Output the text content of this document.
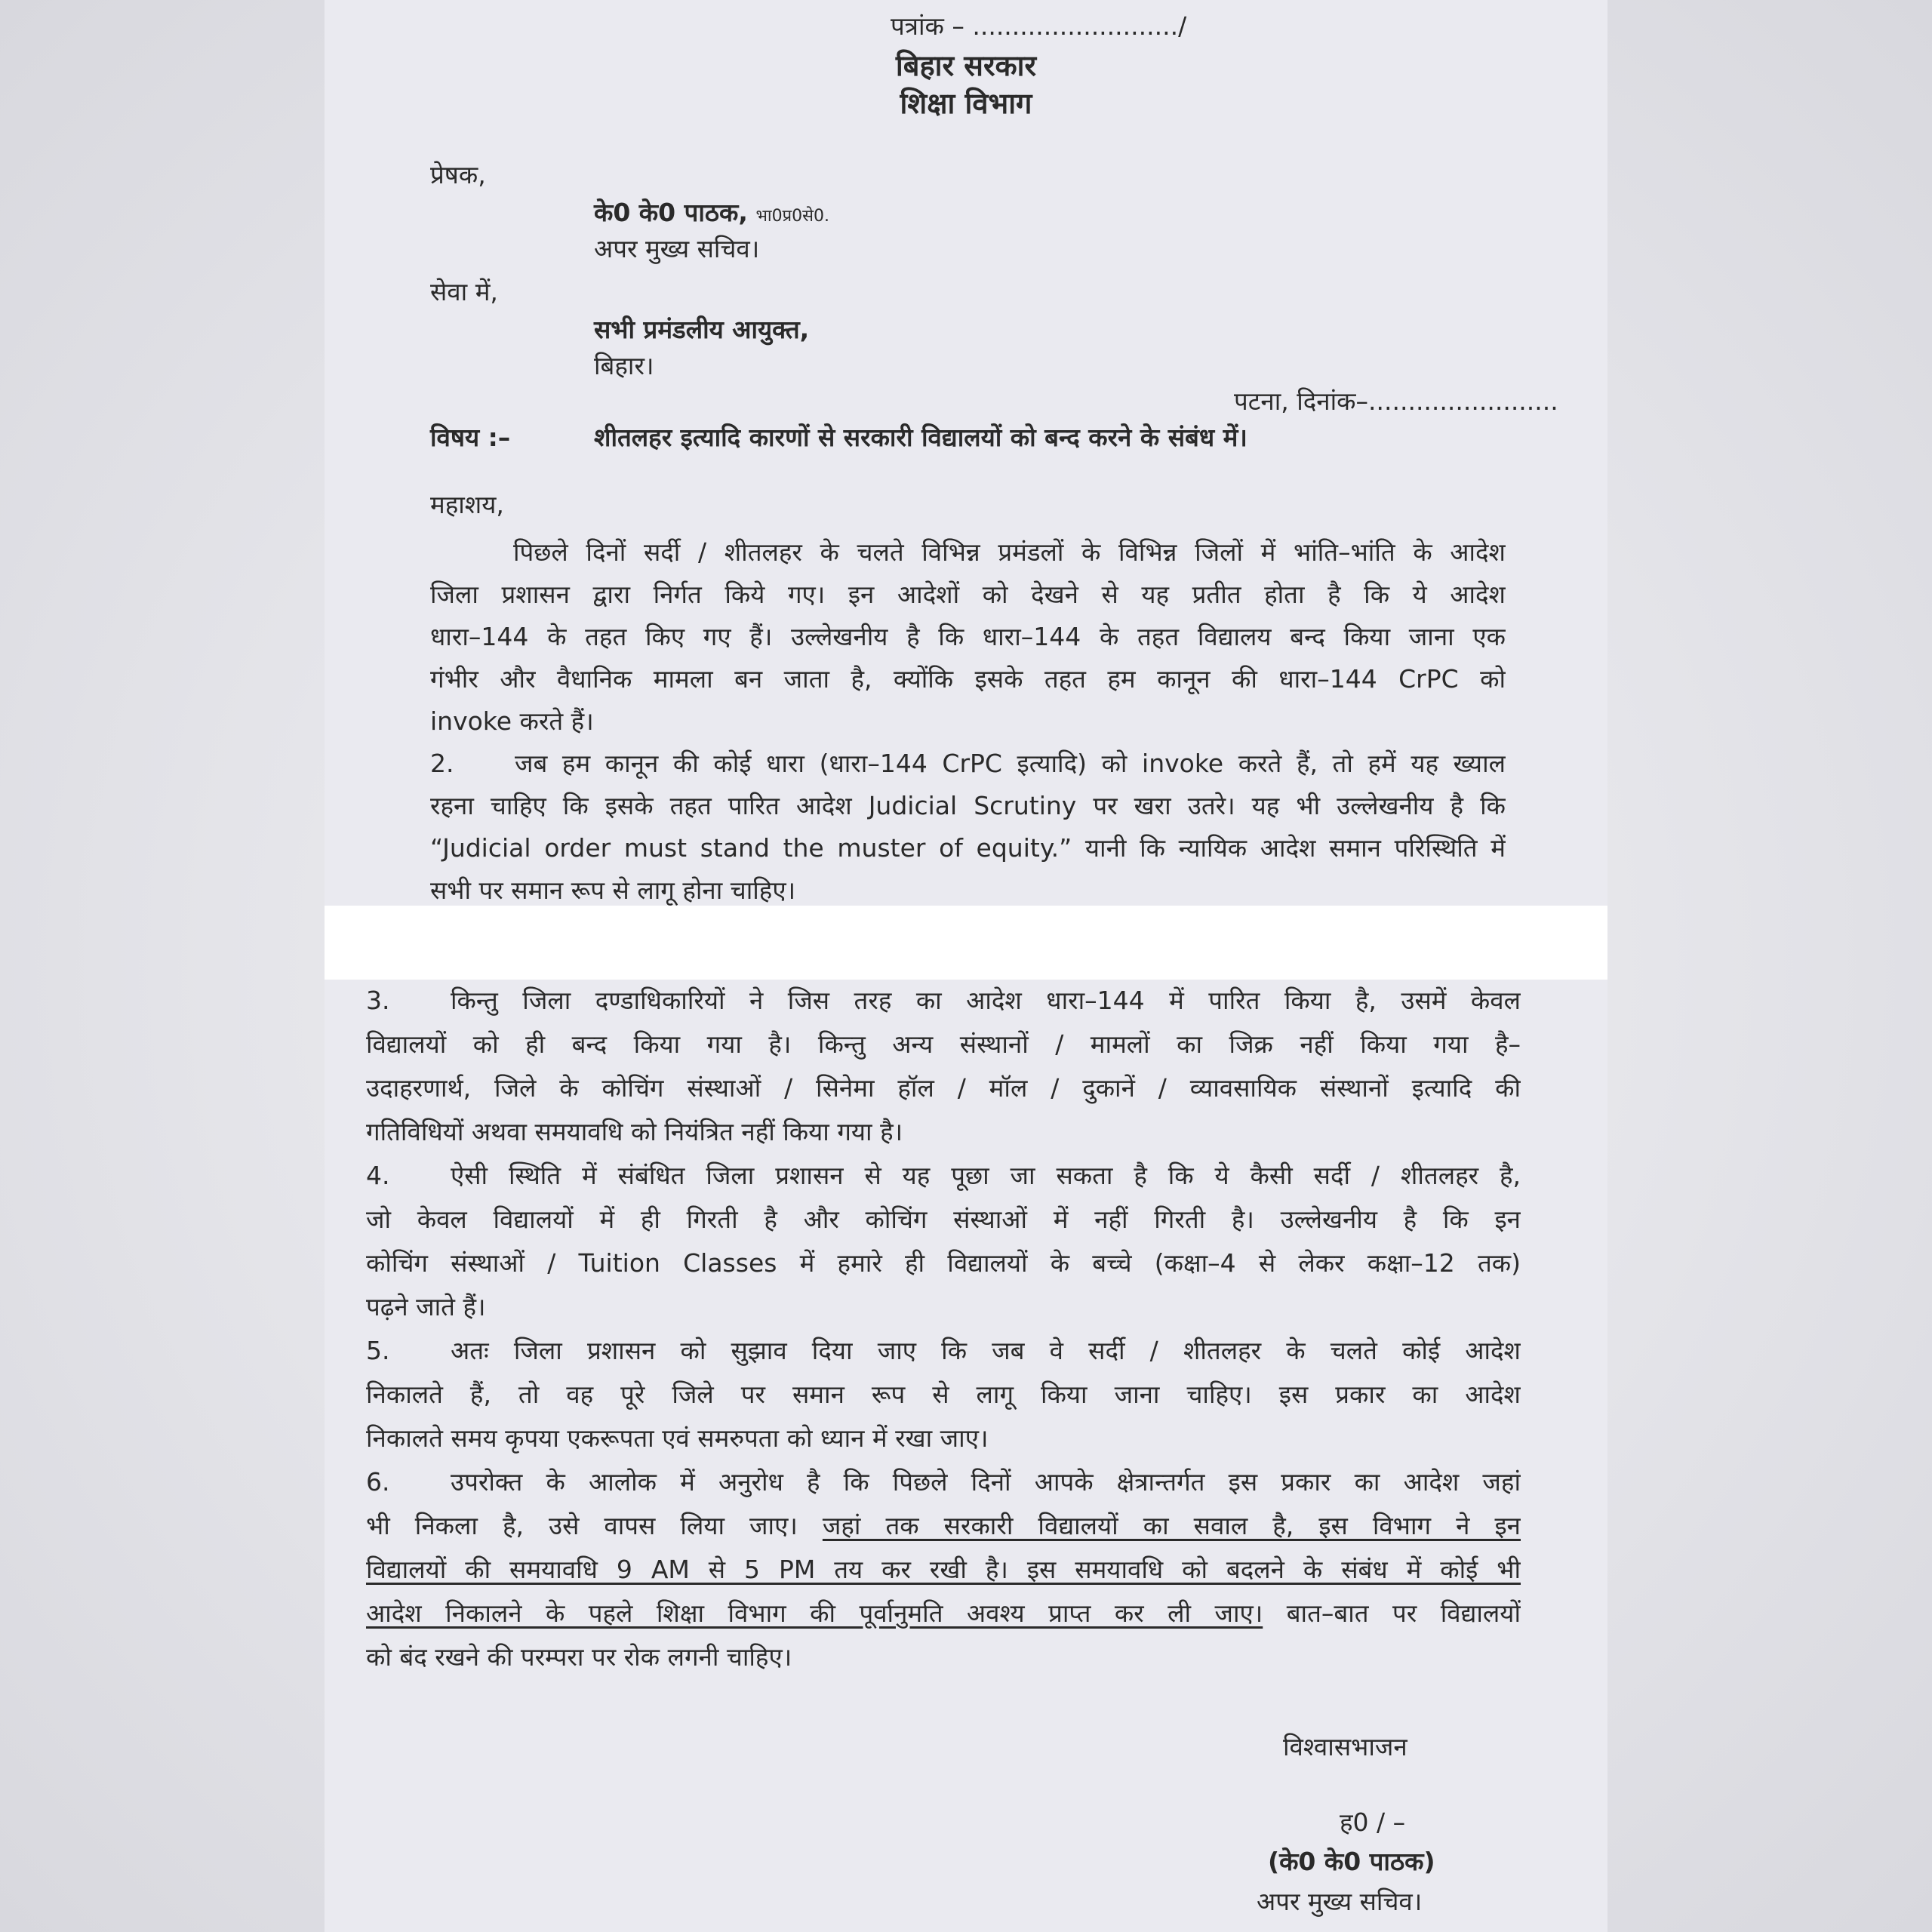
पत्रांक – ........................../
बिहार सरकार
शिक्षा विभाग
प्रेषक,
के0 के0 पाठक, भा0प्र0से0.
अपर मुख्य सचिव।
सेवा में,
सभी प्रमंडलीय आयुक्त,
बिहार।
पटना, दिनांक–........................
विषय :–	शीतलहर इत्यादि कारणों से सरकारी विद्यालयों को बन्द करने के संबंध में।
महाशय,
पिछले दिनों सर्दी / शीतलहर के चलते विभिन्न प्रमंडलों के विभिन्न जिलों में भांति–भांति के आदेश
जिला प्रशासन द्वारा निर्गत किये गए। इन आदेशों को देखने से यह प्रतीत होता है कि ये आदेश
धारा–144 के तहत किए गए हैं। उल्लेखनीय है कि धारा–144 के तहत विद्यालय बन्द किया जाना एक
गंभीर और वैधानिक मामला बन जाता है, क्योंकि इसके तहत हम कानून की धारा–144 CrPC को
invoke करते हैं।
2. जब हम कानून की कोई धारा (धारा–144 CrPC इत्यादि) को invoke करते हैं, तो हमें यह ख्याल
रहना चाहिए कि इसके तहत पारित आदेश Judicial Scrutiny पर खरा उतरे। यह भी उल्लेखनीय है कि
“Judicial order must stand the muster of equity.” यानी कि न्यायिक आदेश समान परिस्थिति में
सभी पर समान रूप से लागू होना चाहिए।
3. किन्तु जिला दण्डाधिकारियों ने जिस तरह का आदेश धारा–144 में पारित किया है, उसमें केवल
विद्यालयों को ही बन्द किया गया है। किन्तु अन्य संस्थानों / मामलों का जिक्र नहीं किया गया है–
उदाहरणार्थ, जिले के कोचिंग संस्थाओं / सिनेमा हॉल / मॉल / दुकानें / व्यावसायिक संस्थानों इत्यादि की
गतिविधियों अथवा समयावधि को नियंत्रित नहीं किया गया है।
4. ऐसी स्थिति में संबंधित जिला प्रशासन से यह पूछा जा सकता है कि ये कैसी सर्दी / शीतलहर है,
जो केवल विद्यालयों में ही गिरती है और कोचिंग संस्थाओं में नहीं गिरती है। उल्लेखनीय है कि इन
कोचिंग संस्थाओं / Tuition Classes में हमारे ही विद्यालयों के बच्चे (कक्षा–4 से लेकर कक्षा–12 तक)
पढ़ने जाते हैं।
5. अतः जिला प्रशासन को सुझाव दिया जाए कि जब वे सर्दी / शीतलहर के चलते कोई आदेश
निकालते हैं, तो वह पूरे जिले पर समान रूप से लागू किया जाना चाहिए। इस प्रकार का आदेश
निकालते समय कृपया एकरूपता एवं समरुपता को ध्यान में रखा जाए।
6. उपरोक्त के आलोक में अनुरोध है कि पिछले दिनों आपके क्षेत्रान्तर्गत इस प्रकार का आदेश जहां
भी निकला है, उसे वापस लिया जाए। जहां तक सरकारी विद्यालयों का सवाल है, इस विभाग ने इन
विद्यालयों की समयावधि 9 AM से 5 PM तय कर रखी है। इस समयावधि को बदलने के संबंध में कोई भी
आदेश निकालने के पहले शिक्षा विभाग की पूर्वानुमति अवश्य प्राप्त कर ली जाए। बात–बात पर विद्यालयों
को बंद रखने की परम्परा पर रोक लगनी चाहिए।
विश्वासभाजन
ह0 / –
(के0 के0 पाठक)
अपर मुख्य सचिव।
